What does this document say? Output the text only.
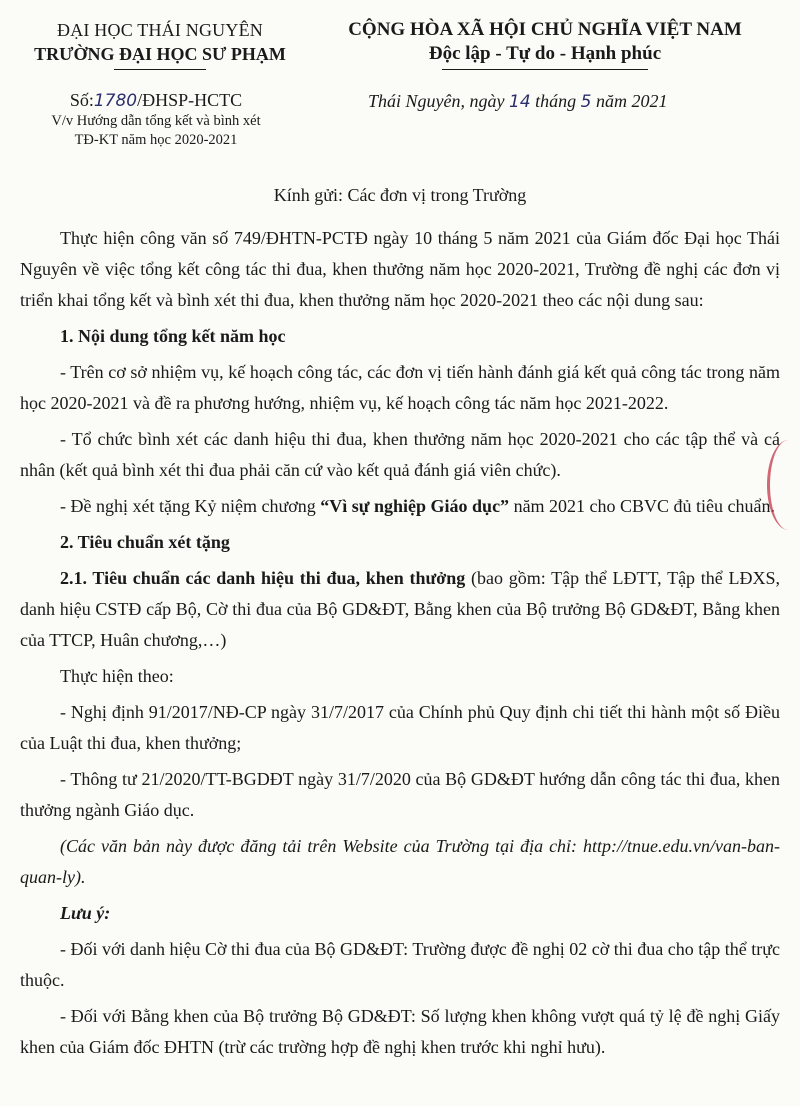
ĐẠI HỌC THÁI NGUYÊN
TRƯỜNG ĐẠI HỌC SƯ PHẠM
CỘNG HÒA XÃ HỘI CHỦ NGHĨA VIỆT NAM
Độc lập - Tự do - Hạnh phúc
Số:1780/ĐHSP-HCTC
V/v Hướng dẫn tổng kết và bình xét
TĐ-KT năm học 2020-2021
Thái Nguyên, ngày 14 tháng 5 năm 2021
Kính gửi: Các đơn vị trong Trường

Thực hiện công văn số 749/ĐHTN-PCTĐ ngày 10 tháng 5 năm 2021 của Giám đốc Đại học Thái Nguyên về việc tổng kết công tác thi đua, khen thưởng năm học 2020-2021, Trường đề nghị các đơn vị triển khai tổng kết và bình xét thi đua, khen thưởng năm học 2020-2021 theo các nội dung sau:

1. Nội dung tổng kết năm học

- Trên cơ sở nhiệm vụ, kế hoạch công tác, các đơn vị tiến hành đánh giá kết quả công tác trong năm học 2020-2021 và đề ra phương hướng, nhiệm vụ, kế hoạch công tác năm học 2021-2022.

- Tổ chức bình xét các danh hiệu thi đua, khen thưởng năm học 2020-2021 cho các tập thể và cá nhân (kết quả bình xét thi đua phải căn cứ vào kết quả đánh giá viên chức).

- Đề nghị xét tặng Kỷ niệm chương “Vì sự nghiệp Giáo dục” năm 2021 cho CBVC đủ tiêu chuẩn.

2. Tiêu chuẩn xét tặng

2.1. Tiêu chuẩn các danh hiệu thi đua, khen thưởng (bao gồm: Tập thể LĐTT, Tập thể LĐXS, danh hiệu CSTĐ cấp Bộ, Cờ thi đua của Bộ GD&ĐT, Bằng khen của Bộ trưởng Bộ GD&ĐT, Bằng khen của TTCP, Huân chương,…)

Thực hiện theo:

- Nghị định 91/2017/NĐ-CP ngày 31/7/2017 của Chính phủ Quy định chi tiết thi hành một số Điều của Luật thi đua, khen thưởng;

- Thông tư 21/2020/TT-BGDĐT ngày 31/7/2020 của Bộ GD&ĐT hướng dẫn công tác thi đua, khen thưởng ngành Giáo dục.

(Các văn bản này được đăng tải trên Website của Trường tại địa chỉ: http://tnue.edu.vn/van-ban-quan-ly).

Lưu ý:

- Đối với danh hiệu Cờ thi đua của Bộ GD&ĐT: Trường được đề nghị 02 cờ thi đua cho tập thể trực thuộc.

- Đối với Bằng khen của Bộ trưởng Bộ GD&ĐT: Số lượng khen không vượt quá tỷ lệ đề nghị Giấy khen của Giám đốc ĐHTN (trừ các trường hợp đề nghị khen trước khi nghỉ hưu).
